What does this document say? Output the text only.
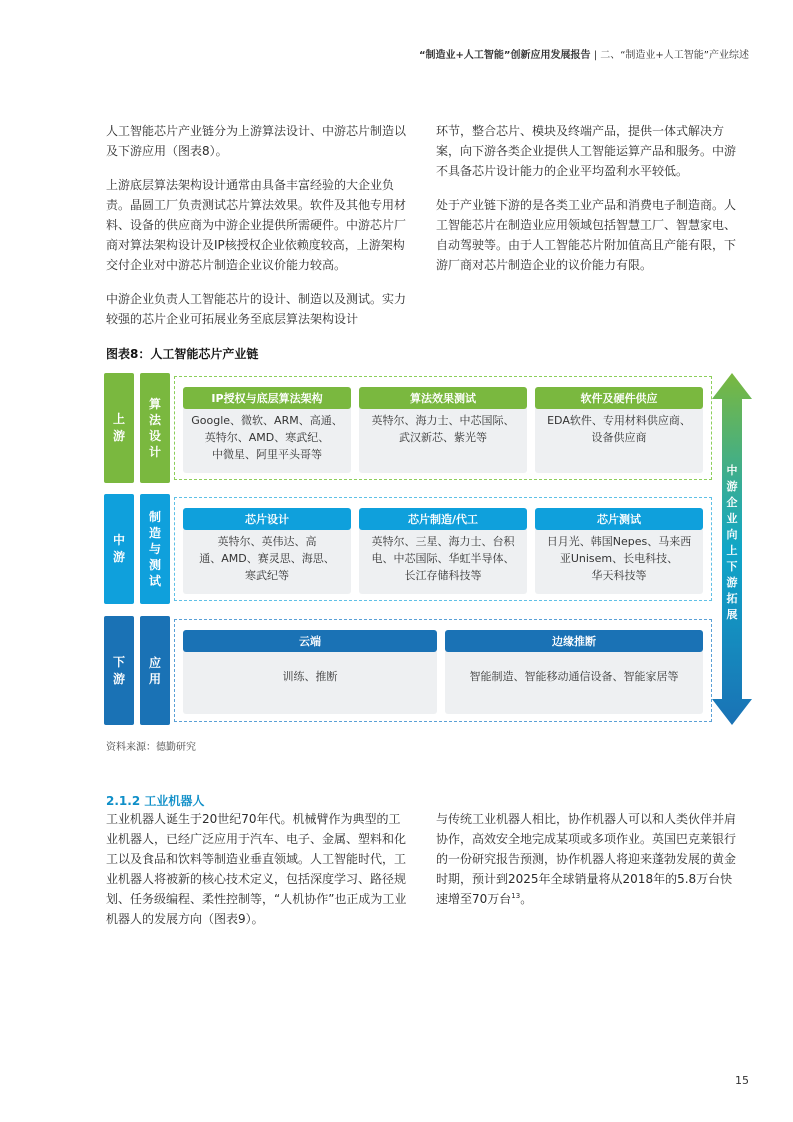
“制造业+人工智能”创新应用发展报告 | 二、“制造业+人工智能”产业综述

人工智能芯片产业链分为上游算法设计、中游芯片制造以及下游应用（图表8）。

上游底层算法架构设计通常由具备丰富经验的大企业负责。晶圆工厂负责测试芯片算法效果。软件及其他专用材料、设备的供应商为中游企业提供所需硬件。中游芯片厂商对算法架构设计及IP核授权企业依赖度较高，上游架构交付企业对中游芯片制造企业议价能力较高。

中游企业负责人工智能芯片的设计、制造以及测试。实力较强的芯片企业可拓展业务至底层算法架构设计

环节，整合芯片、模块及终端产品，提供一体式解决方案，向下游各类企业提供人工智能运算产品和服务。中游不具备芯片设计能力的企业平均盈利水平较低。

处于产业链下游的是各类工业产品和消费电子制造商。人工智能芯片在制造业应用领域包括智慧工厂、智慧家电、自动驾驶等。由于人工智能芯片附加值高且产能有限，下游厂商对芯片制造企业的议价能力有限。

图表8：人工智能芯片产业链
上游
算法设计
IP授权与底层算法架构
Google、微软、ARM、高通、
英特尔、AMD、寒武纪、
中微星、阿里平头哥等
算法效果测试
英特尔、海力士、中芯国际、
武汉新芯、紫光等
软件及硬件供应
EDA软件、专用材料供应商、
设备供应商
中游
制造与测试
芯片设计
英特尔、英伟达、高
通、AMD、赛灵思、海思、
寒武纪等
芯片制造/代工
英特尔、三星、海力士、台积
电、中芯国际、华虹半导体、
长江存储科技等
芯片测试
日月光、韩国Nepes、马来西
亚Unisem、长电科技、
华天科技等
下游
应用
云端
训练、推断
边缘推断
智能制造、智能移动通信设备、智能家居等
中游企业向上下游拓展
资料来源：德勤研究
2.1.2 工业机器人

工业机器人诞生于20世纪70年代。机械臂作为典型的工业机器人，已经广泛应用于汽车、电子、金属、塑料和化工以及食品和饮料等制造业垂直领域。人工智能时代，工业机器人将被新的核心技术定义，包括深度学习、路径规划、任务级编程、柔性控制等，“人机协作”也正成为工业机器人的发展方向（图表9）。

与传统工业机器人相比，协作机器人可以和人类伙伴并肩协作，高效安全地完成某项或多项作业。英国巴克莱银行的一份研究报告预测，协作机器人将迎来蓬勃发展的黄金时期，预计到2025年全球销量将从2018年的5.8万台快速增至70万台$^{13}$。

15
